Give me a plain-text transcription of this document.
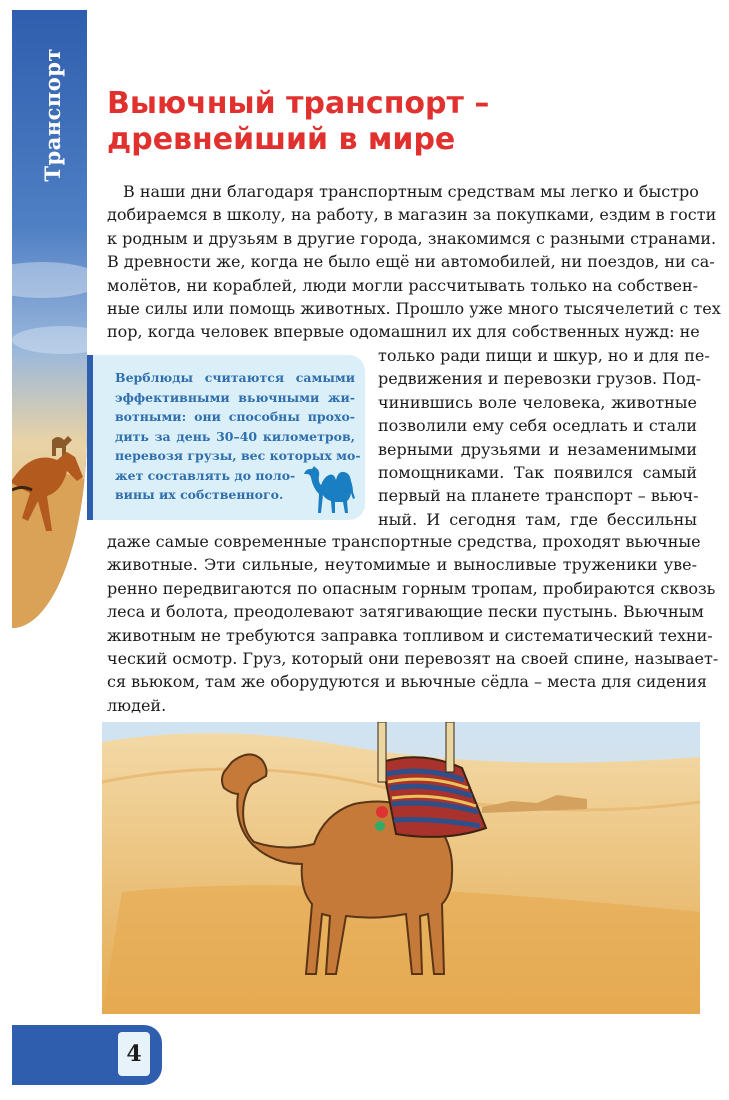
Транспорт Выючный транспорт –
древнейший в мире
В наши дни благодаря транспортным средствам мы легко и быстро
добираемся в школу, на работу, в магазин за покупками, ездим в гости
к родным и друзьям в другие города, знакомимся с разными странами.
В древности же, когда не было ещё ни автомобилей, ни поездов, ни са-
молётов, ни кораблей, люди могли рассчитывать только на собствен-
ные силы или помощь животных. Прошло уже много тысячелетий с тех
пор, когда человек впервые одомашнил их для собственных нужд: не
Верблюды считаются самыми
эффективными вьючными жи-
вотными: они способны прохо-
дить за день 30–40 километров,
перевозя грузы, вес которых мо-
жет составлять до поло-
вины их собственного.
только ради пищи и шкур, но и для пе-
редвижения и перевозки грузов. Под-
чинившись воле человека, животные
позволили ему себя оседлать и стали
верными друзьями и незаменимыми
помощниками. Так появился самый
первый на планете транспорт – вьюч-
ный. И сегодня там, где бессильны
даже самые современные транспортные средства, проходят вьючные
животные. Эти сильные, неутомимые и выносливые труженики уве-
ренно передвигаются по опасным горным тропам, пробираются сквозь
леса и болота, преодолевают затягивающие пески пустынь. Вьючным
животным не требуются заправка топливом и систематический техни-
ческий осмотр. Груз, который они перевозят на своей спине, называет-
ся вьюком, там же оборудуются и вьючные сёдла – места для сидения
людей.
4
